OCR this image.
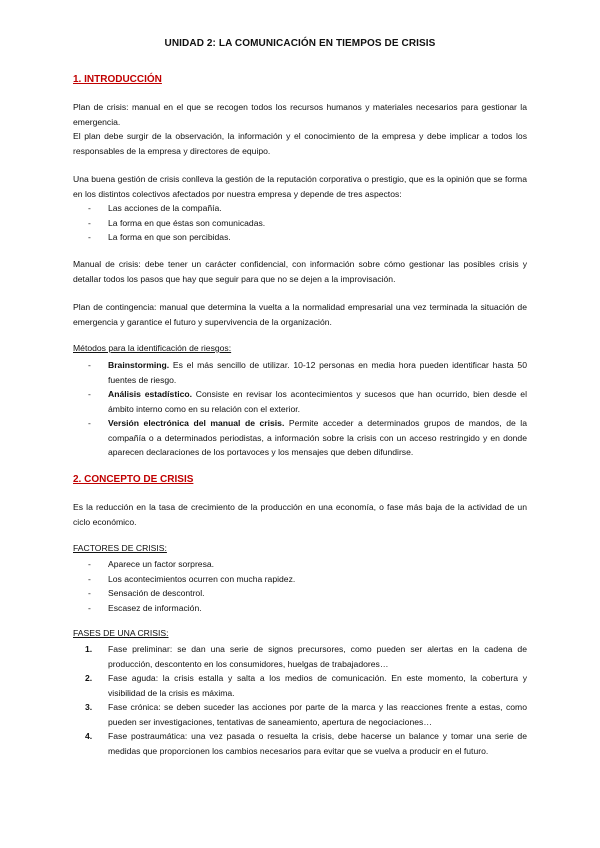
UNIDAD 2: LA COMUNICACIÓN EN TIEMPOS DE CRISIS
1. INTRODUCCIÓN

Plan de crisis: manual en el que se recogen todos los recursos humanos y materiales necesarios para gestionar la emergencia.

El plan debe surgir de la observación, la información y el conocimiento de la empresa y debe implicar a todos los responsables de la empresa y directores de equipo.

Una buena gestión de crisis conlleva la gestión de la reputación corporativa o prestigio, que es la opinión que se forma en los distintos colectivos afectados por nuestra empresa y depende de tres aspectos:

- Las acciones de la compañía.
- La forma en que éstas son comunicadas.
- La forma en que son percibidas.

Manual de crisis: debe tener un carácter confidencial, con información sobre cómo gestionar las posibles crisis y detallar todos los pasos que hay que seguir para que no se dejen a la improvisación.

Plan de contingencia: manual que determina la vuelta a la normalidad empresarial una vez terminada la situación de emergencia y garantice el futuro y supervivencia de la organización.

Métodos para la identificación de riesgos:
- Brainstorming. Es el más sencillo de utilizar. 10-12 personas en media hora pueden identificar hasta 50 fuentes de riesgo.
- Análisis estadístico. Consiste en revisar los acontecimientos y sucesos que han ocurrido, bien desde el ámbito interno como en su relación con el exterior.
- Versión electrónica del manual de crisis. Permite acceder a determinados grupos de mandos, de la compañía o a determinados periodistas, a información sobre la crisis con un acceso restringido y en donde aparecen declaraciones de los portavoces y los mensajes que deben difundirse.
2. CONCEPTO DE CRISIS

Es la reducción en la tasa de crecimiento de la producción en una economía, o fase más baja de la actividad de un ciclo económico.

FACTORES DE CRISIS:
- Aparece un factor sorpresa.
- Los acontecimientos ocurren con mucha rapidez.
- Sensación de descontrol.
- Escasez de información.
FASES DE UNA CRISIS:
1. Fase preliminar: se dan una serie de signos precursores, como pueden ser alertas en la cadena de producción, descontento en los consumidores, huelgas de trabajadores…
2. Fase aguda: la crisis estalla y salta a los medios de comunicación. En este momento, la cobertura y visibilidad de la crisis es máxima.
3. Fase crónica: se deben suceder las acciones por parte de la marca y las reacciones frente a estas, como pueden ser investigaciones, tentativas de saneamiento, apertura de negociaciones…
4. Fase postraumática: una vez pasada o resuelta la crisis, debe hacerse un balance y tomar una serie de medidas que proporcionen los cambios necesarios para evitar que se vuelva a producir en el futuro.
